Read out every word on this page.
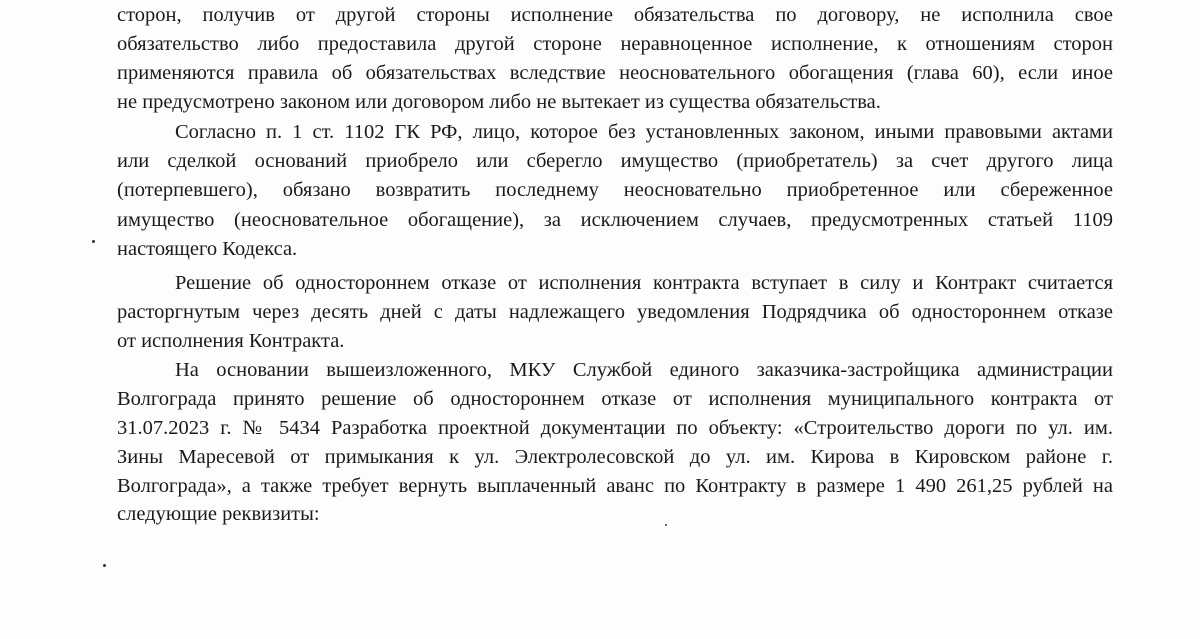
сторон, получив от другой стороны исполнение обязательства по договору, не исполнила свое
обязательство либо предоставила другой стороне неравноценное исполнение, к отношениям сторон
применяются правила об обязательствах вследствие неосновательного обогащения (глава 60), если иное
не предусмотрено законом или договором либо не вытекает из существа обязательства.
Согласно п. 1 ст. 1102 ГК РФ, лицо, которое без установленных законом, иными правовыми актами
или сделкой оснований приобрело или сберегло имущество (приобретатель) за счет другого лица
(потерпевшего), обязано возвратить последнему неосновательно приобретенное или сбереженное
имущество (неосновательное обогащение), за исключением случаев, предусмотренных статьей 1109
настоящего Кодекса.
Решение об одностороннем отказе от исполнения контракта вступает в силу и Контракт считается
расторгнутым через десять дней с даты надлежащего уведомления Подрядчика об одностороннем отказе
от исполнения Контракта.
На основании вышеизложенного, МКУ Службой единого заказчика-застройщика администрации
Волгограда принято решение об одностороннем отказе от исполнения муниципального контракта от
31.07.2023 г. № 5434 Разработка проектной документации по объекту: «Строительство дороги по ул. им.
Зины Маресевой от примыкания к ул. Электролесовской до ул. им. Кирова в Кировском районе г.
Волгограда», а также требует вернуть выплаченный аванс по Контракту в размере 1 490 261,25 рублей на
следующие реквизиты:
